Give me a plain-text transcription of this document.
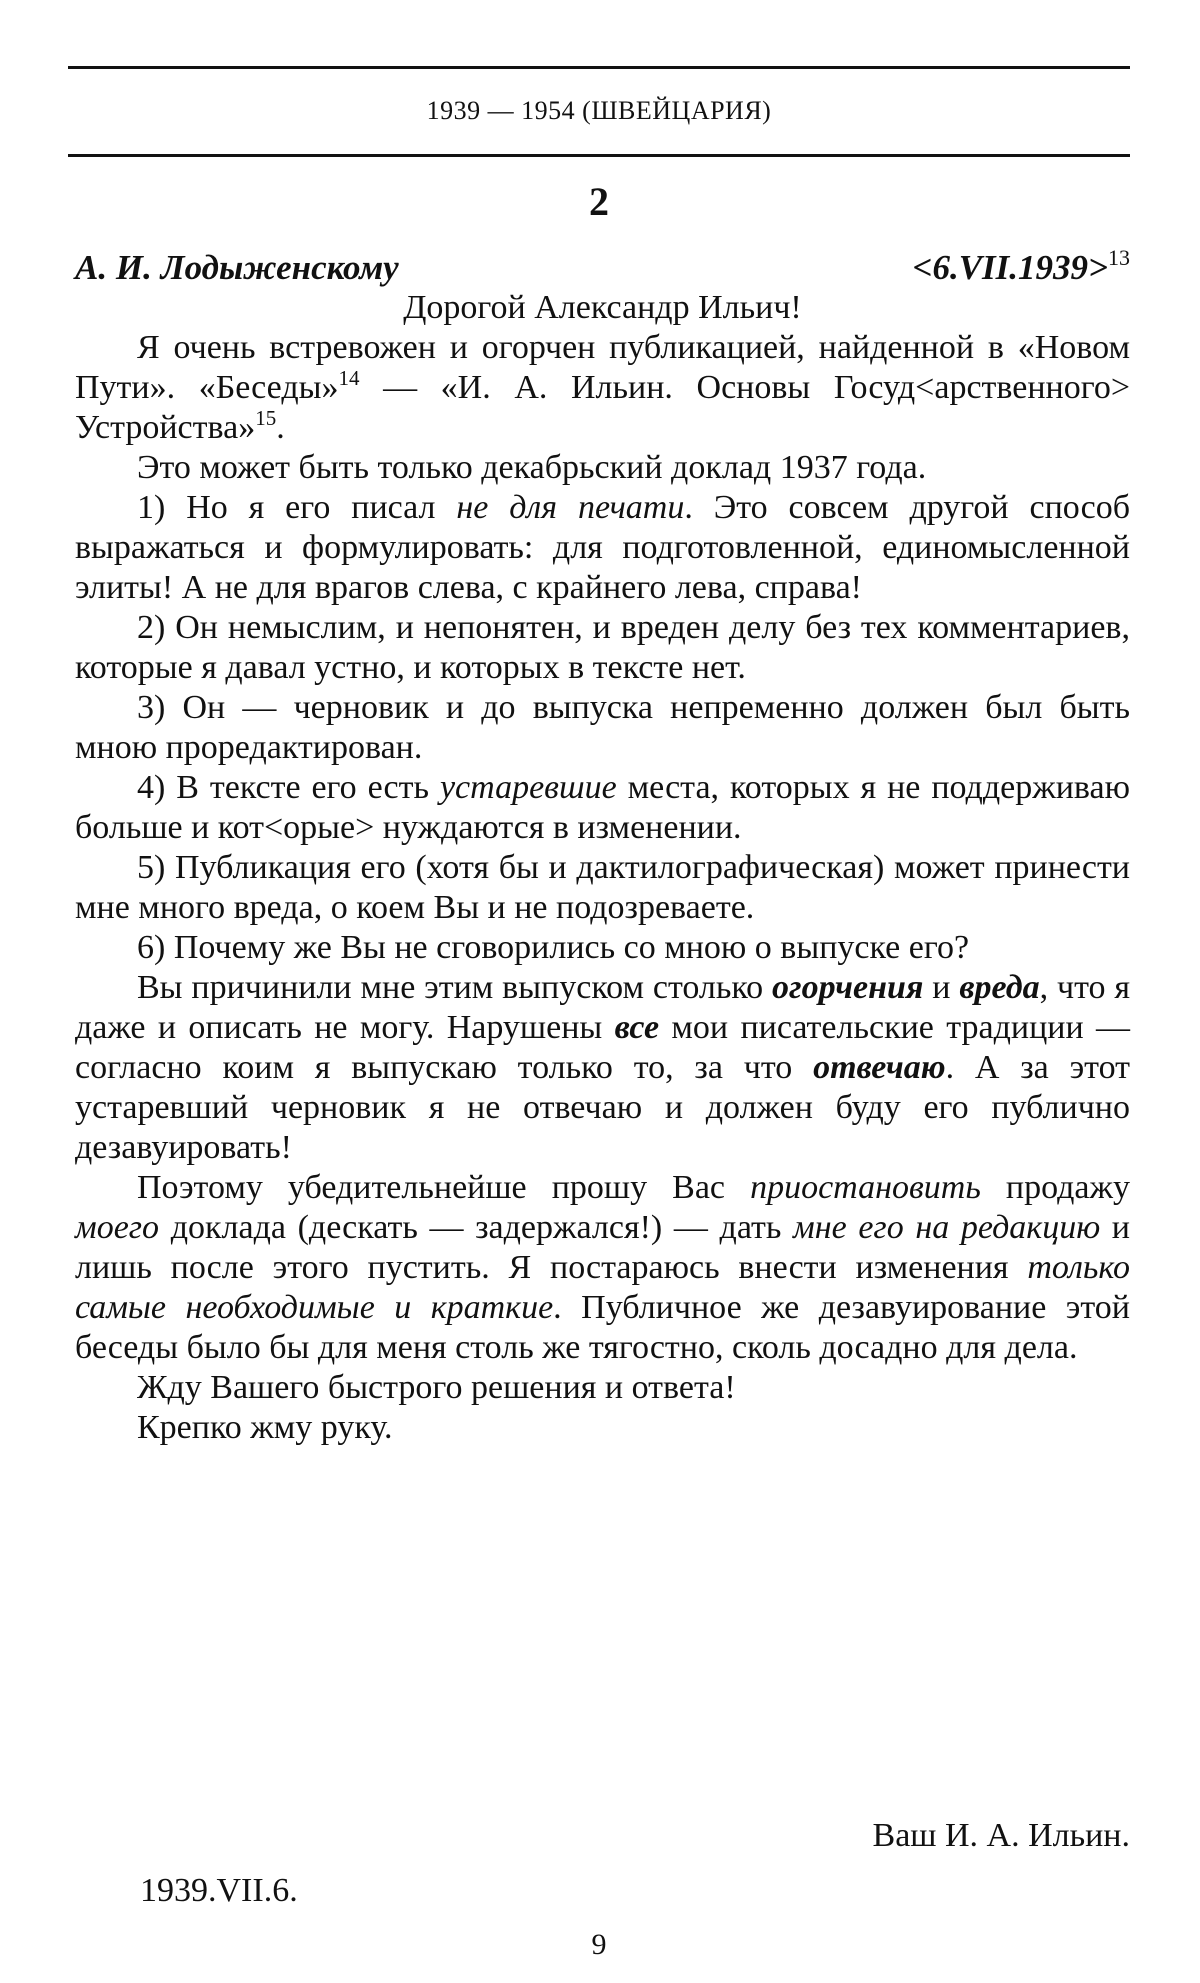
1939 — 1954 (ШВЕЙЦАРИЯ)
2
А. И. Лодыженскому	<6.VII.1939>$^{13}$

Дорогой Александр Ильич!

Я очень встревожен и огорчен публикацией, найденной в «Новом Пути». «Беседы»$^{14}$ — «И. А. Ильин. Основы Госуд<арственного> Устройства»$^{15}$.

Это может быть только декабрьский доклад 1937 года.

1) Но я его писал не для печати. Это совсем другой способ выражаться и формулировать: для подготовленной, единомысленной элиты! А не для врагов слева, с крайнего лева, справа!

2) Он немыслим, и непонятен, и вреден делу без тех комментариев, которые я давал устно, и которых в тексте нет.

3) Он — черновик и до выпуска непременно должен был быть мною проредактирован.

4) В тексте его есть устаревшие места, которых я не поддерживаю больше и кот<орые> нуждаются в изменении.

5) Публикация его (хотя бы и дактилографическая) может принести мне много вреда, о коем Вы и не подозреваете.

6) Почему же Вы не сговорились со мною о выпуске его?

Вы причинили мне этим выпуском столько огорчения и вреда, что я даже и описать не могу. Нарушены все мои писательские традиции — согласно коим я выпускаю только то, за что отвечаю. А за этот устаревший черновик я не отвечаю и должен буду его публично дезавуировать!

Поэтому убедительнейше прошу Вас приостановить продажу моего доклада (дескать — задержался!) — дать мне его на редакцию и лишь после этого пустить. Я постараюсь внести изменения только самые необходимые и краткие. Публичное же дезавуирование этой беседы было бы для меня столь же тягостно, сколь досадно для дела.

Жду Вашего быстрого решения и ответа!

Крепко жму руку.

Ваш И. А. Ильин.
1939.VII.6.
9
